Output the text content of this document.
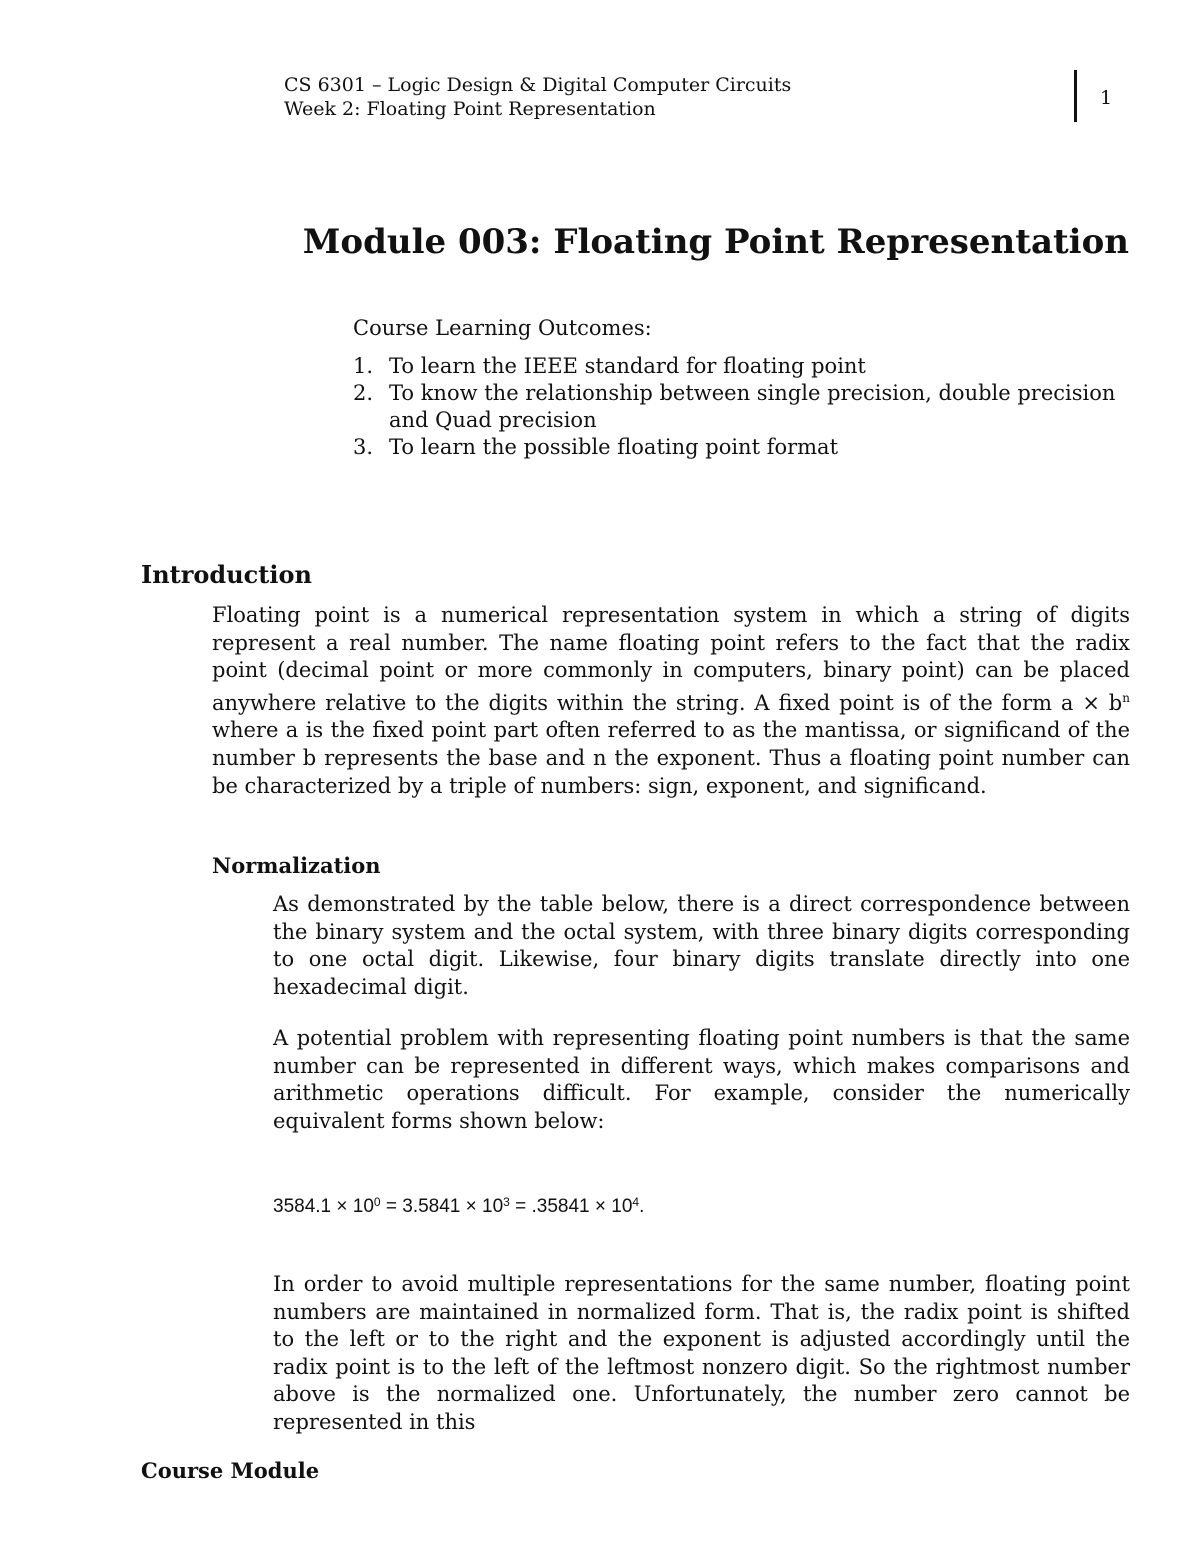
CS 6301 – Logic Design & Digital Computer Circuits
Week 2: Floating Point Representation	1
Module 003: Floating Point Representation
Course Learning Outcomes:
1. To learn the IEEE standard for floating point
2. To know the relationship between single precision, double precision and Quad precision
3. To learn the possible floating point format
Introduction

Floating point is a numerical representation system in which a string of digits represent a real number. The name floating point refers to the fact that the radix point (decimal point or more commonly in computers, binary point) can be placed anywhere relative to the digits within the string. A fixed point is of the form $a \times b^n$ where a is the fixed point part often referred to as the mantissa, or significand of the number b represents the base and n the exponent. Thus a floating point number can be characterized by a triple of numbers: sign, exponent, and significand.

Normalization

As demonstrated by the table below, there is a direct correspondence between the binary system and the octal system, with three binary digits corresponding to one octal digit. Likewise, four binary digits translate directly into one hexadecimal digit.

A potential problem with representing floating point numbers is that the same number can be represented in different ways, which makes comparisons and arithmetic operations difficult. For example, consider the numerically equivalent forms shown below:

$3584.1 \times 10^0 = 3.5841 \times 10^3 = .35841 \times 10^4$.

In order to avoid multiple representations for the same number, floating point numbers are maintained in normalized form. That is, the radix point is shifted to the left or to the right and the exponent is adjusted accordingly until the radix point is to the left of the leftmost nonzero digit. So the rightmost number above is the normalized one. Unfortunately, the number zero cannot be represented in this

Course Module
